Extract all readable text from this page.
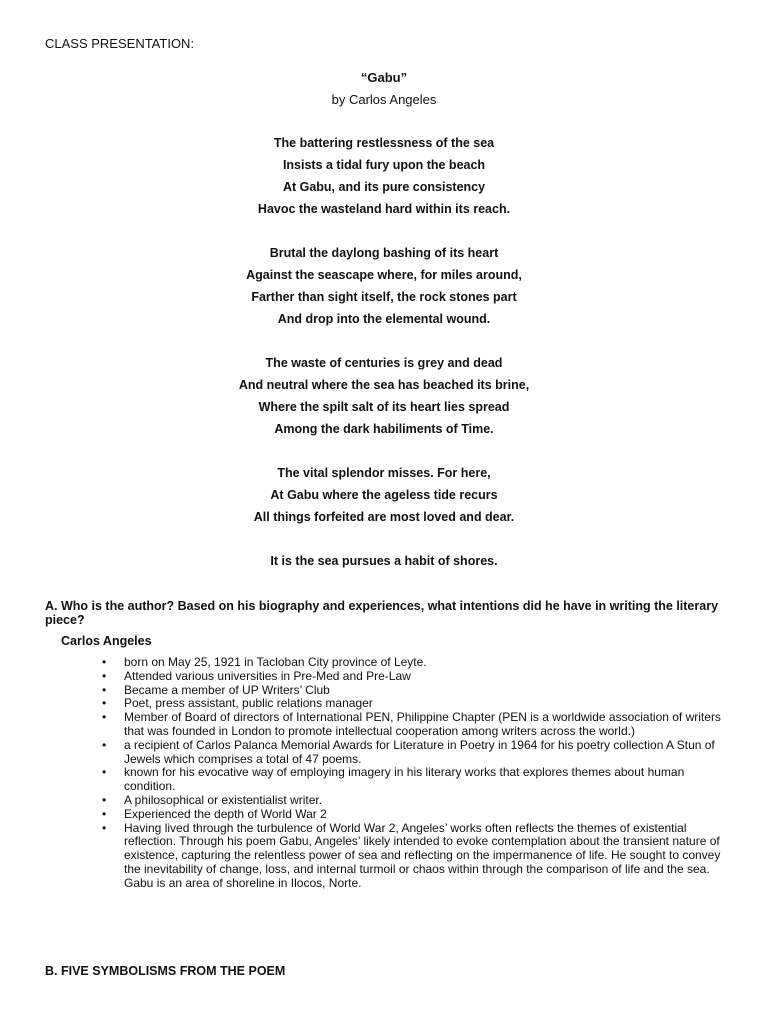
CLASS PRESENTATION:
“Gabu”
by Carlos Angeles
The battering restlessness of the sea
Insists a tidal fury upon the beach
At Gabu, and its pure consistency
Havoc the wasteland hard within its reach.
Brutal the daylong bashing of its heart
Against the seascape where, for miles around,
Farther than sight itself, the rock stones part
And drop into the elemental wound.
The waste of centuries is grey and dead
And neutral where the sea has beached its brine,
Where the spilt salt of its heart lies spread
Among the dark habiliments of Time.
The vital splendor misses. For here,
At Gabu where the ageless tide recurs
All things forfeited are most loved and dear.
It is the sea pursues a habit of shores.
A. Who is the author? Based on his biography and experiences, what intentions did he have in writing the literary piece?
Carlos Angeles
• born on May 25, 1921 in Tacloban City province of Leyte.
• Attended various universities in Pre-Med and Pre-Law
• Became a member of UP Writers’ Club
• Poet, press assistant, public relations manager
• Member of Board of directors of International PEN, Philippine Chapter (PEN is a worldwide association of writers that was founded in London to promote intellectual cooperation among writers across the world.)
• a recipient of Carlos Palanca Memorial Awards for Literature in Poetry in 1964 for his poetry collection A Stun of Jewels which comprises a total of 47 poems.
• known for his evocative way of employing imagery in his literary works that explores themes about human condition.
• A philosophical or existentialist writer.
• Experienced the depth of World War 2
• Having lived through the turbulence of World War 2, Angeles’ works often reflects the themes of existential reflection. Through his poem Gabu, Angeles’ likely intended to evoke contemplation about the transient nature of existence, capturing the relentless power of sea and reflecting on the impermanence of life. He sought to convey the inevitability of change, loss, and internal turmoil or chaos within through the comparison of life and the sea. Gabu is an area of shoreline in Ilocos, Norte.
B. FIVE SYMBOLISMS FROM THE POEM
